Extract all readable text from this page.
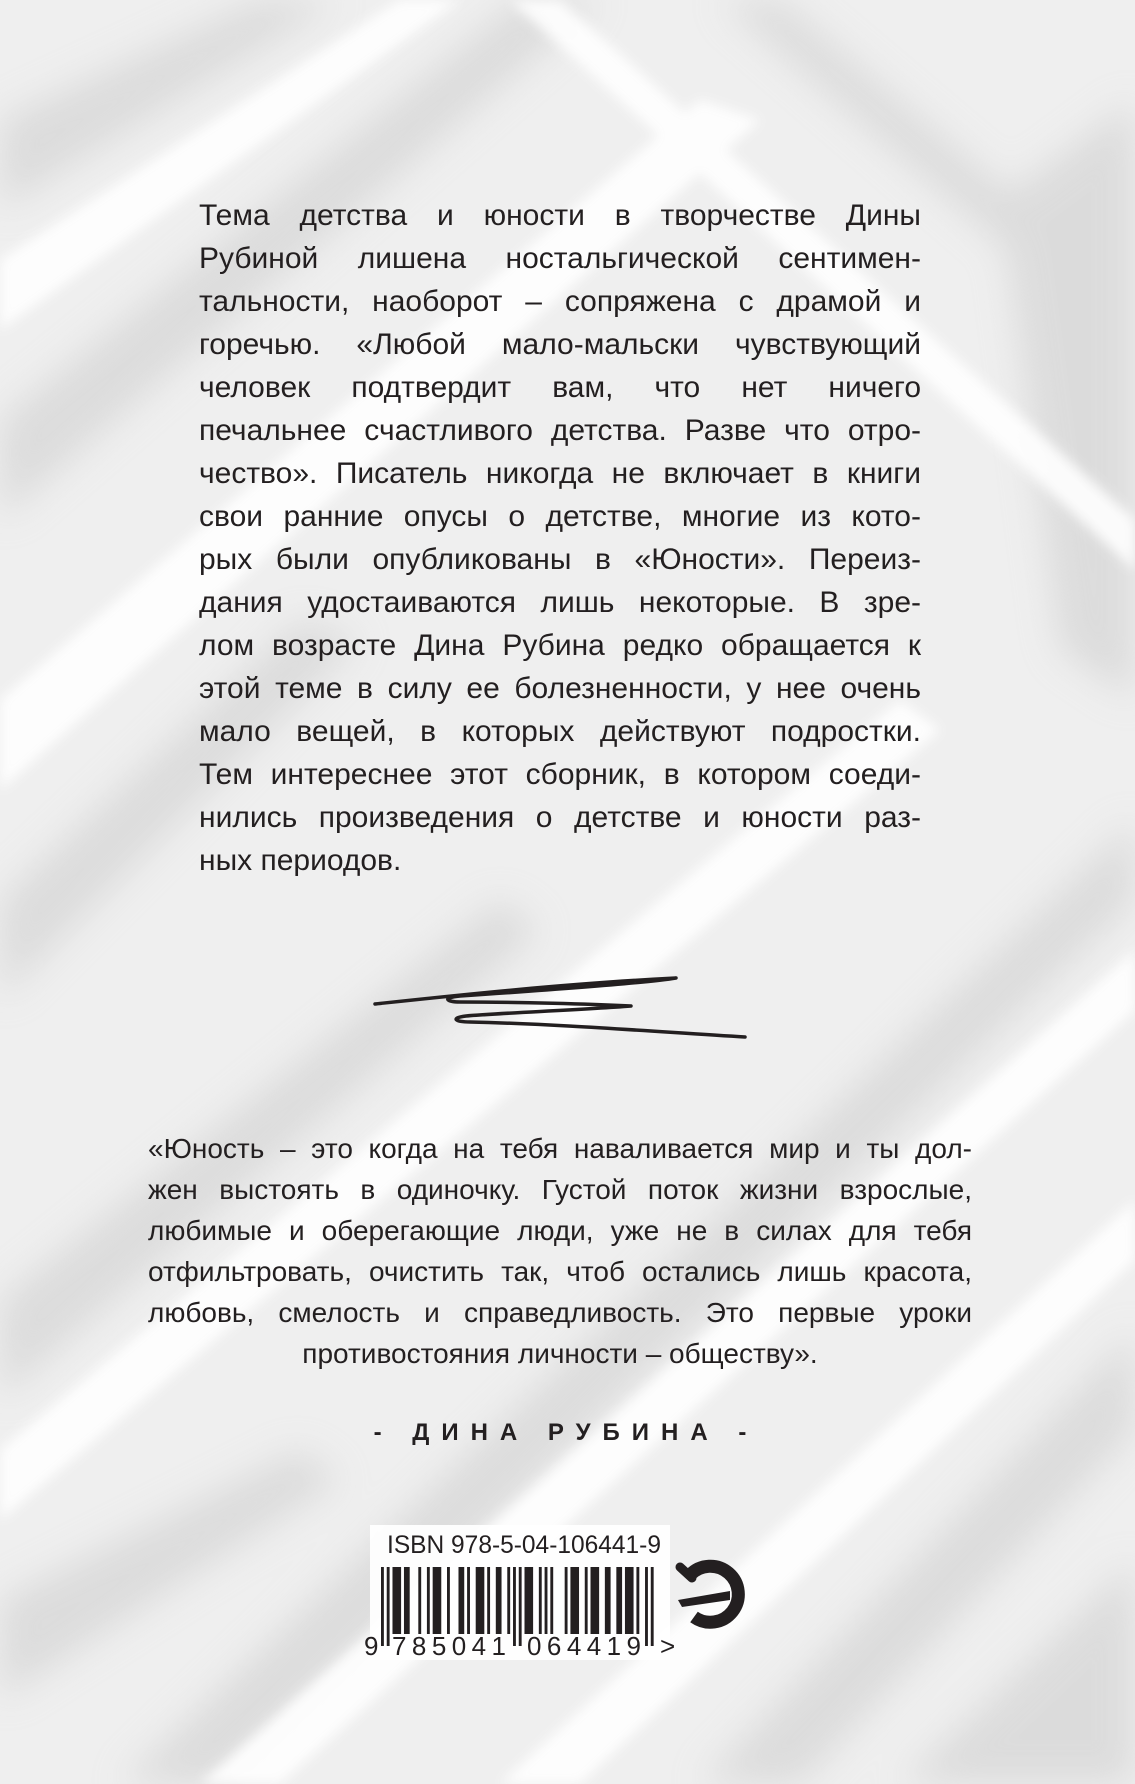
Тема детства и юности в творчестве Дины
Рубиной лишена ностальгической сентимен-
тальности, наоборот – сопряжена с драмой и
горечью. «Любой мало-мальски чувствующий
человек подтвердит вам, что нет ничего
печальнее счастливого детства. Разве что отро-
чество». Писатель никогда не включает в книги
свои ранние опусы о детстве, многие из кото-
рых были опубликованы в «Юности». Переиз-
дания удостаиваются лишь некоторые. В зре-
лом возрасте Дина Рубина редко обращается к
этой теме в силу ее болезненности, у нее очень
мало вещей, в которых действуют подростки.
Тем интереснее этот сборник, в котором соеди-
нились произведения о детстве и юности раз-
ных периодов.
«Юность – это когда на тебя наваливается мир и ты дол-
жен выстоять в одиночку. Густой поток жизни взрослые,
любимые и оберегающие люди, уже не в силах для тебя
отфильтровать, очистить так, чтоб остались лишь красота,
любовь, смелость и справедливость. Это первые уроки
противостояния личности – обществу».
- ДИНА РУБИНА -
ISBN 978-5-04-106441-9
9 785041 064419 >
